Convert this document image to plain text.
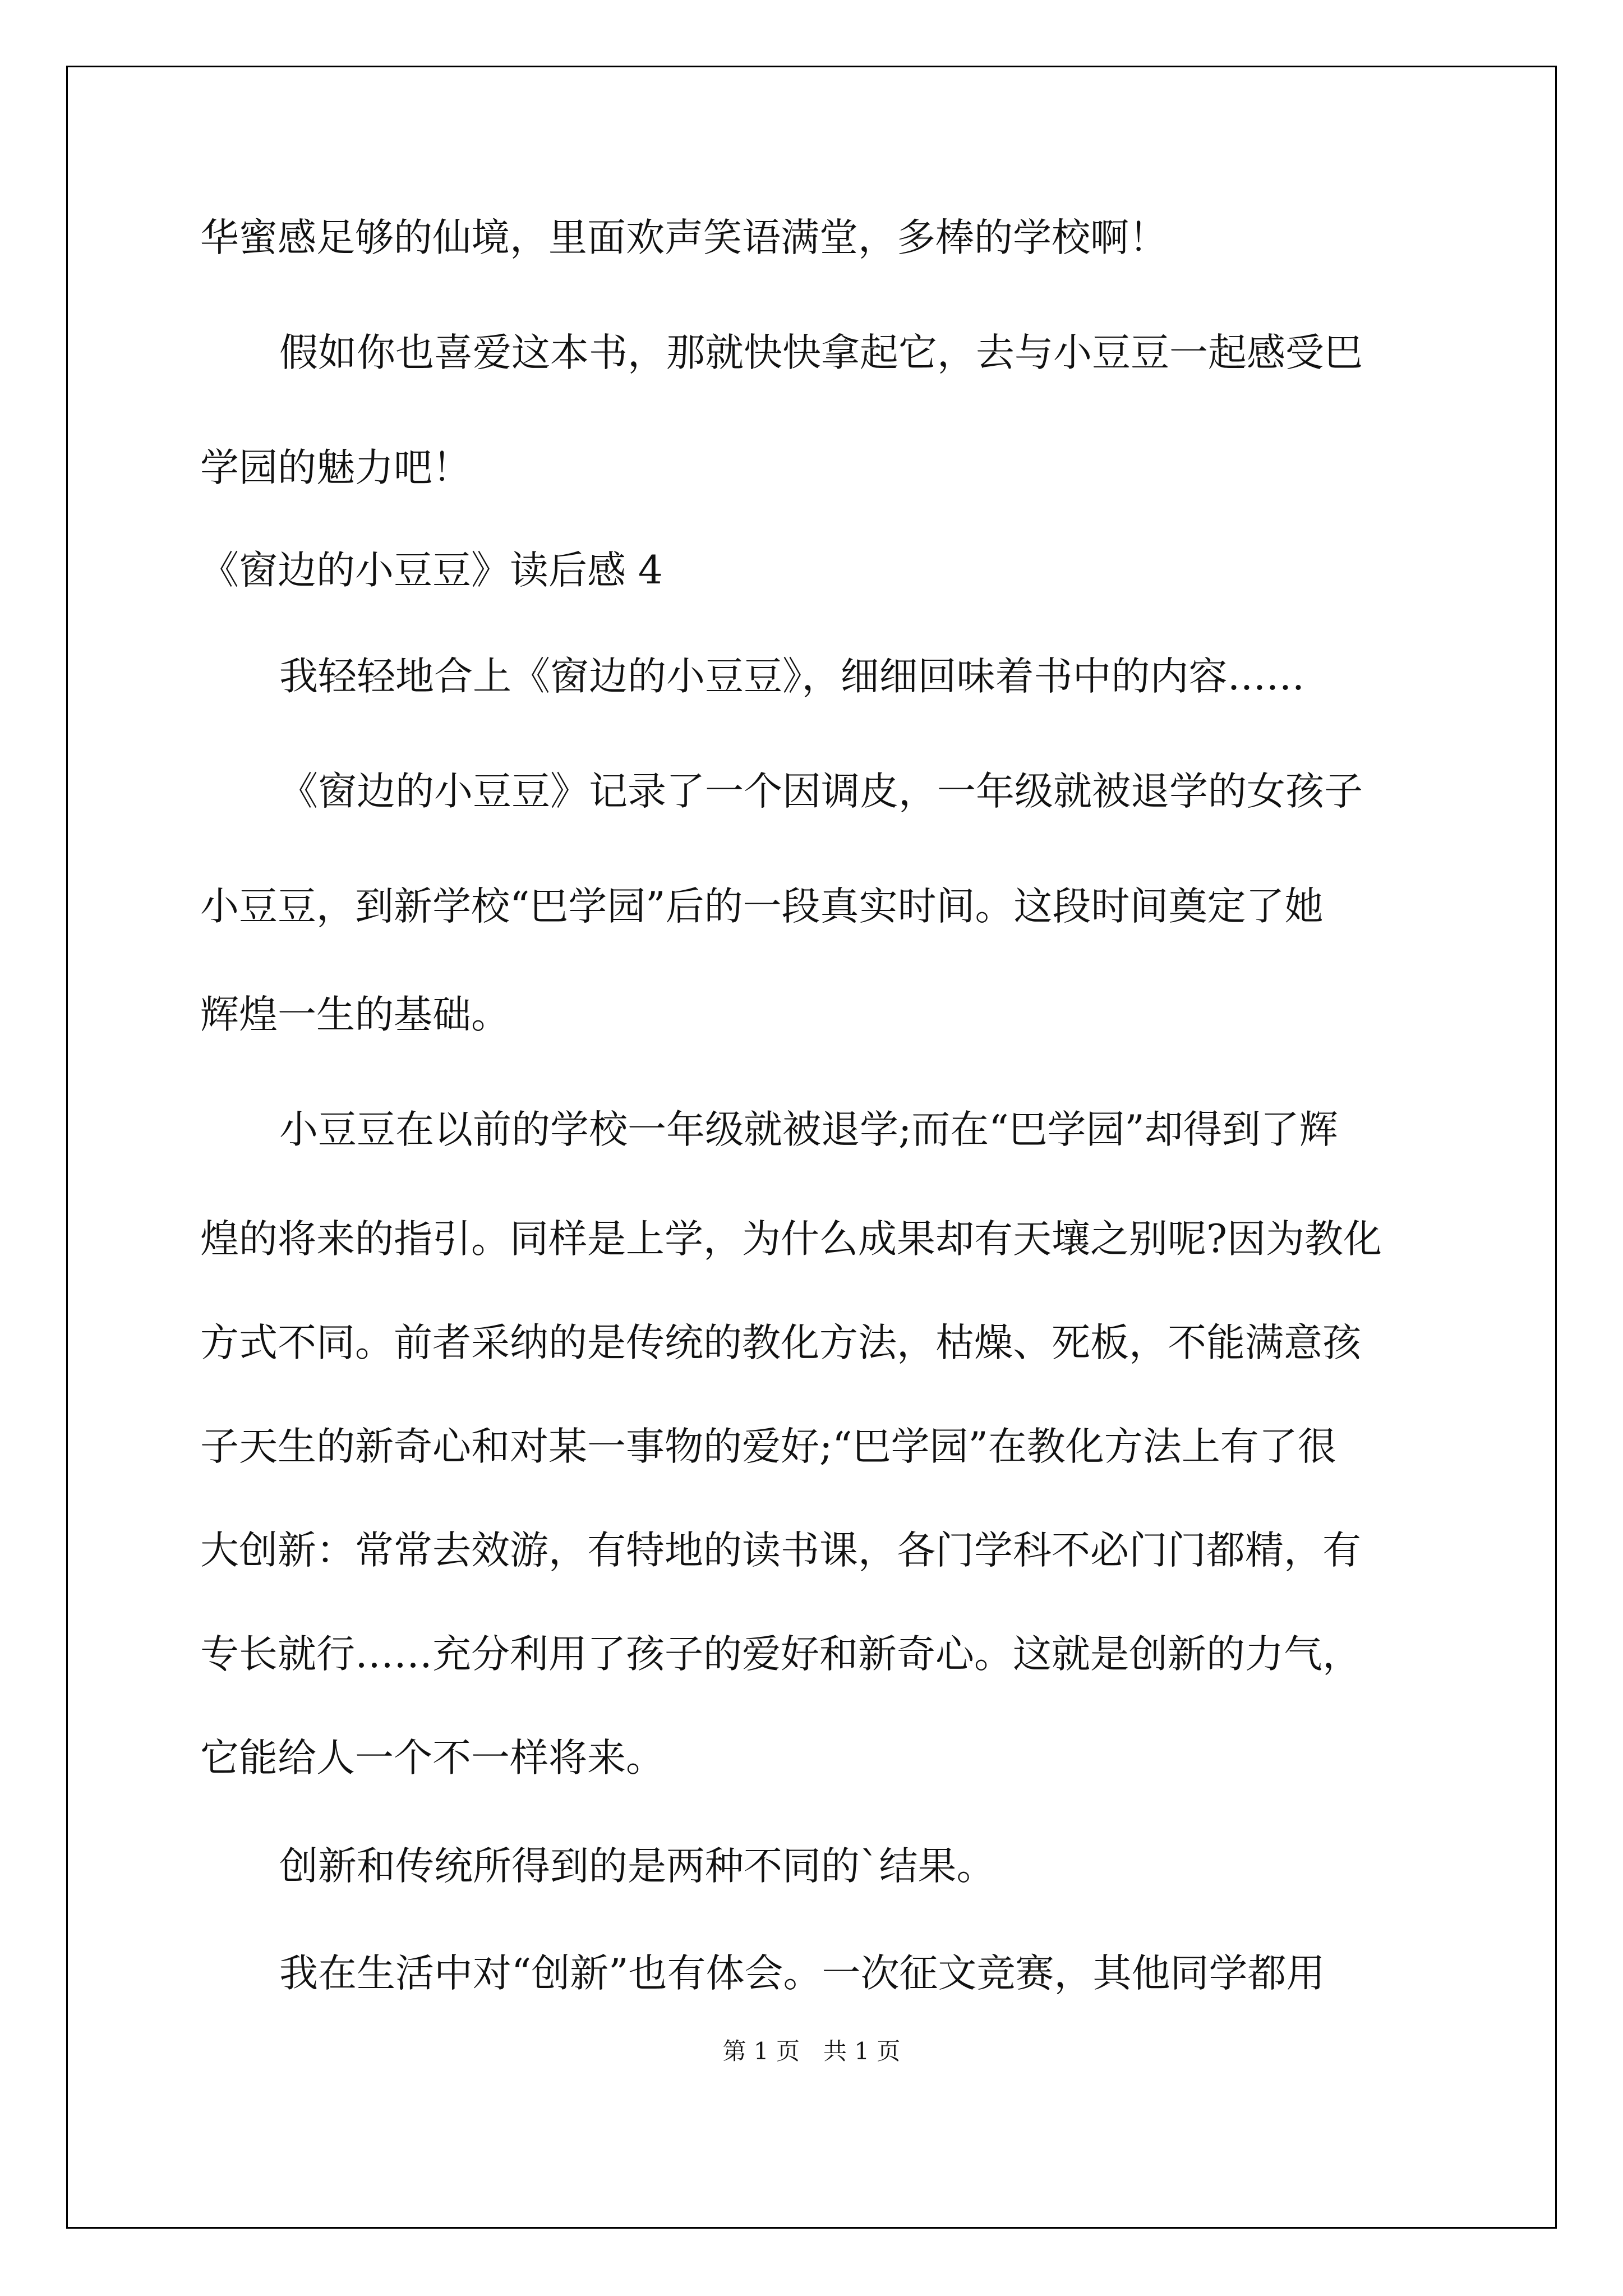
华蜜感足够的仙境，里面欢声笑语满堂，多棒的学校啊！

假如你也喜爱这本书，那就快快拿起它，去与小豆豆一起感受巴

学园的魅力吧！

《窗边的小豆豆》读后感 4

我轻轻地合上《窗边的小豆豆》，细细回味着书中的内容……

《窗边的小豆豆》记录了一个因调皮，一年级就被退学的女孩子

小豆豆，到新学校“巴学园”后的一段真实时间。这段时间奠定了她

辉煌一生的基础。

小豆豆在以前的学校一年级就被退学;而在“巴学园”却得到了辉

煌的将来的指引。同样是上学，为什么成果却有天壤之别呢?因为教化

方式不同。前者采纳的是传统的教化方法，枯燥、死板，不能满意孩

子天生的新奇心和对某一事物的爱好;“巴学园”在教化方法上有了很

大创新：常常去效游，有特地的读书课，各门学科不必门门都精，有

专长就行……充分利用了孩子的爱好和新奇心。这就是创新的力气，

它能给人一个不一样将来。

创新和传统所得到的是两种不同的`结果。

我在生活中对“创新”也有体会。一次征文竞赛，其他同学都用

第 1 页　共 1 页
